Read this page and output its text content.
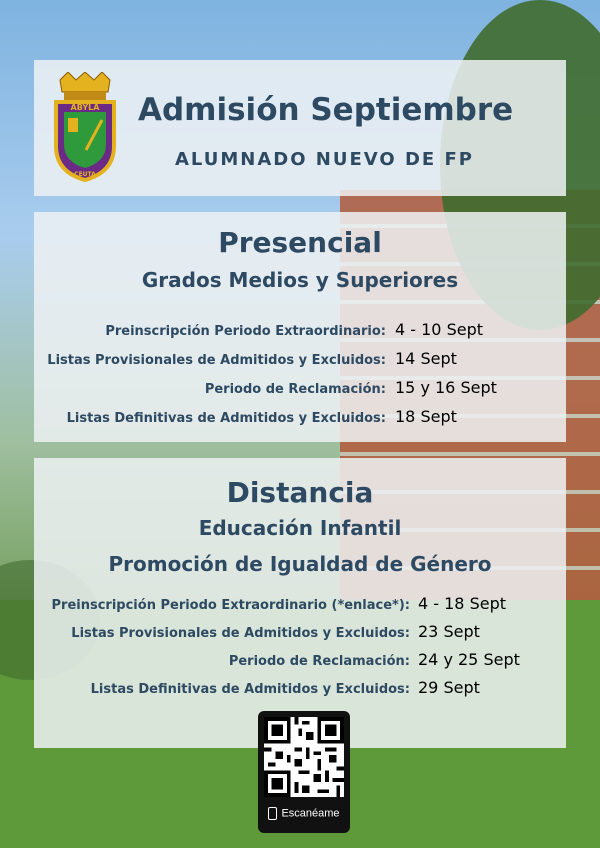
ABYLA
CEUTA
Admisión Septiembre
ALUMNADO NUEVO DE FP
Presencial
Grados Medios y Superiores
Preinscripción Periodo Extraordinario: 4 - 10 Sept
Listas Provisionales de Admitidos y Excluidos: 14 Sept
Periodo de Reclamación: 15 y 16 Sept
Listas Definitivas de Admitidos y Excluidos: 18 Sept
Distancia
Educación Infantil
Promoción de Igualdad de Género
Preinscripción Periodo Extraordinario (*enlace*): 4 - 18 Sept
Listas Provisionales de Admitidos y Excluidos: 23 Sept
Periodo de Reclamación: 24 y 25 Sept
Listas Definitivas de Admitidos y Excluidos: 29 Sept
Escanéame
